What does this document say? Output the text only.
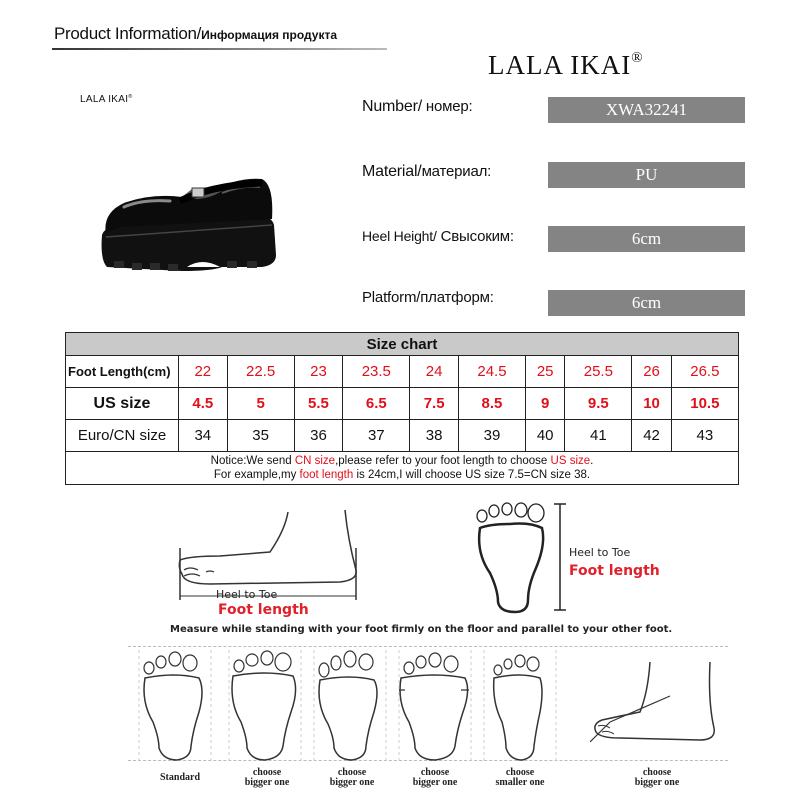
Product Information/Информация продукта
LALA IKAI®
LALA IKAI®
Number/ номер:	XWA32241
Material/материал:	PU
Heel Height/ Свысоким:	6cm
Platform/платформ:	6cm
Size chart										
Foot Length(cm)	22	22.5	23	23.5	24	24.5	25	25.5	26	26.5
US size	4.5	5	5.5	6.5	7.5	8.5	9	9.5	10	10.5
Euro/CN size	34	35	36	37	38	39	40	41	42	43

Notice:We send CN size,please refer to your foot length to choose US size.
For example,my foot length is 24cm,I will choose US size 7.5=CN size 38.										
Heel to Toe
Foot length
Heel to Toe
Foot length
Measure while standing with your foot firmly on the floor and parallel to your other foot.
Standard	choose
bigger one
choose
bigger one
choose
bigger one
choose
smaller one
choose
bigger one
